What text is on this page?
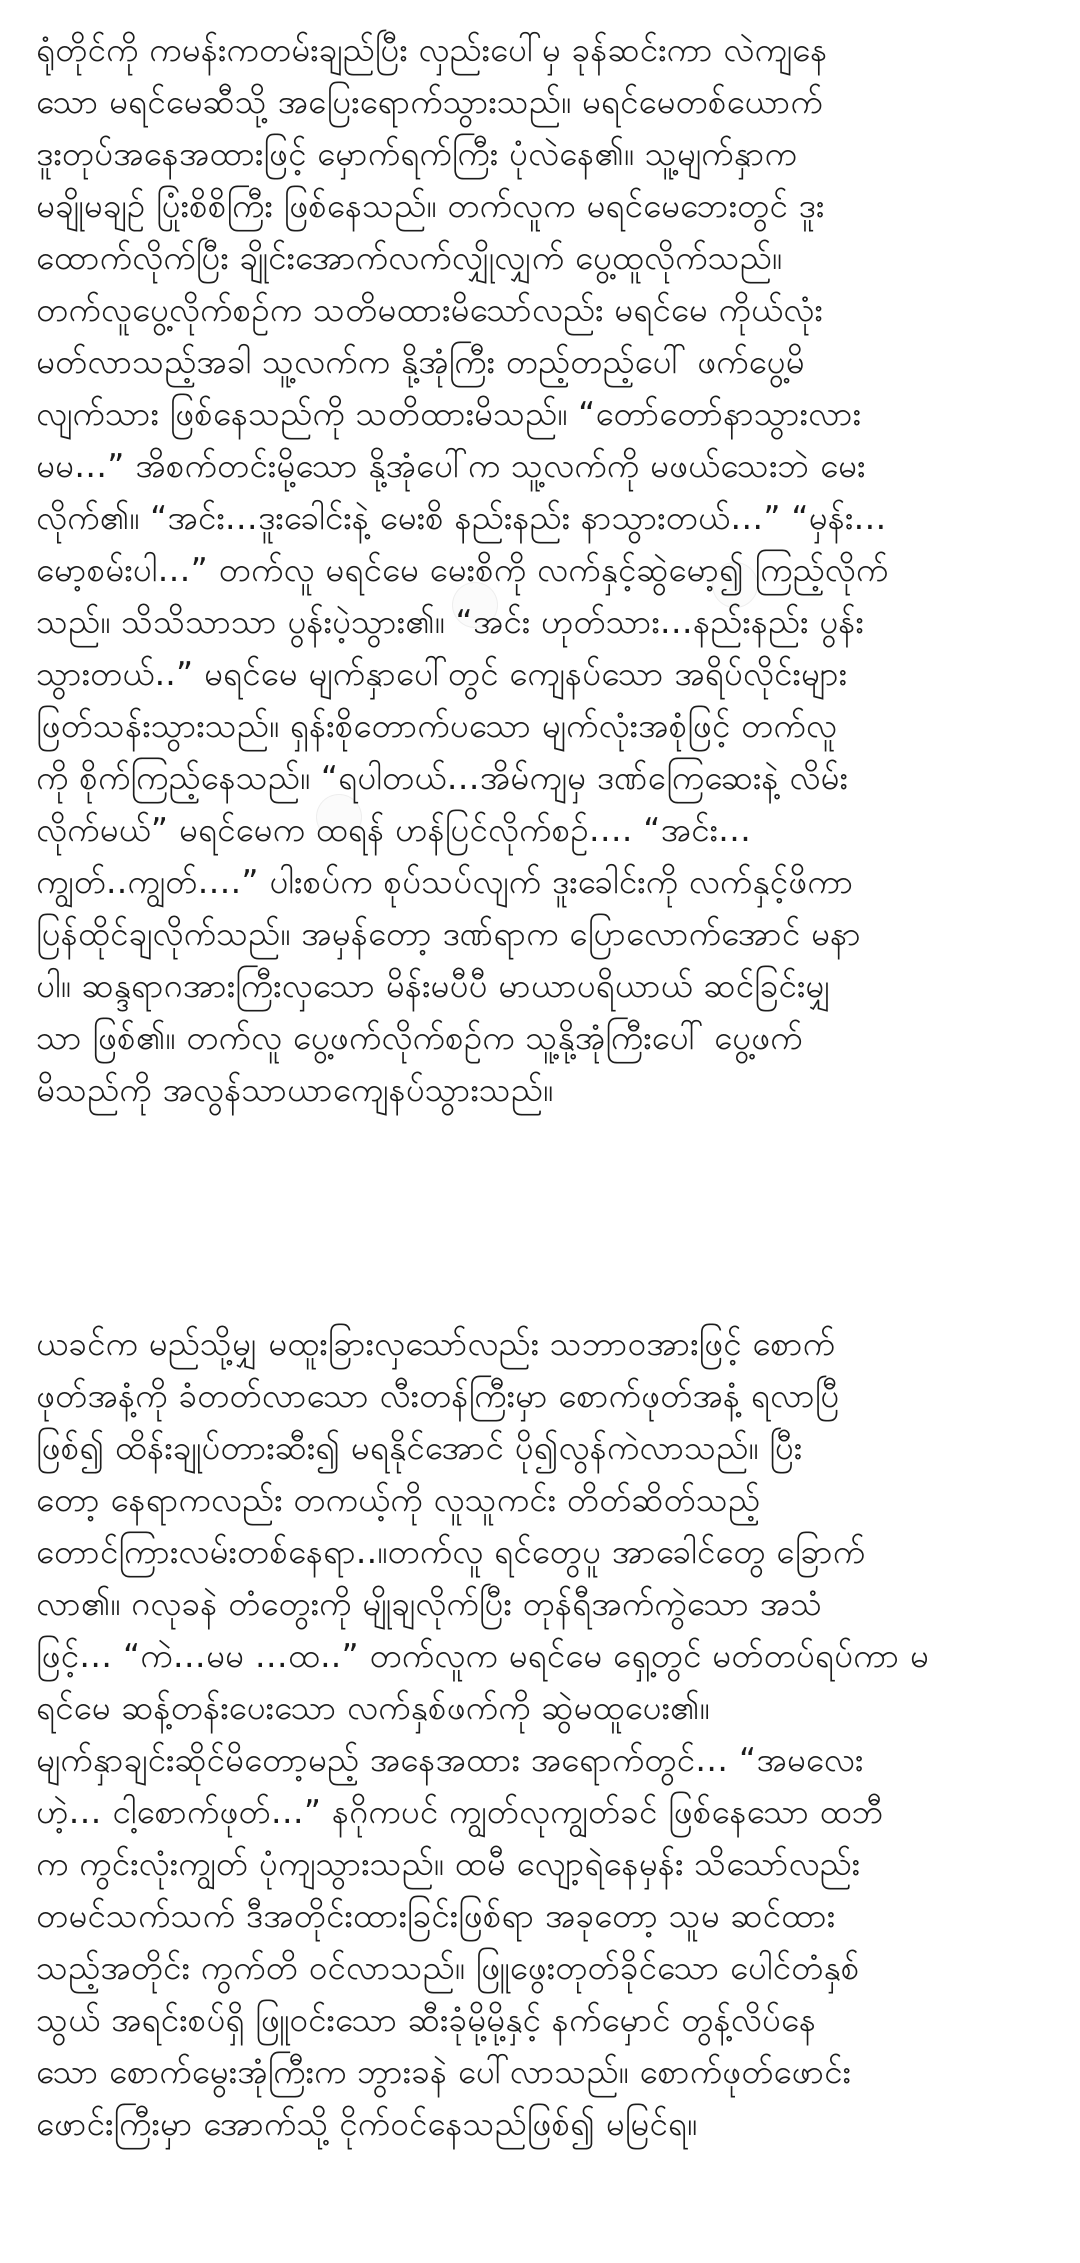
ရုံတိုင်ကို ကမန်းကတမ်းချည်ပြီး လှည်းပေါ်မှ ခုန်ဆင်းကာ လဲကျနေ
သော မရင်မေဆီသို့ အပြေးရောက်သွားသည်။ မရင်မေတစ်ယောက်
ဒူးတုပ်အနေအထားဖြင့် မှောက်ရက်ကြီး ပုံလဲနေ၏။ သူ့မျက်နှာက
မချိုမချဉ် ပြုံးစိစိကြီး ဖြစ်နေသည်။ တက်လူက မရင်မေဘေးတွင် ဒူး
ထောက်လိုက်ပြီး ချိုင်းအောက်လက်လျှိုလျှက် ပွေ့ထူလိုက်သည်။
တက်လူပွေ့လိုက်စဉ်က သတိမထားမိသော်လည်း မရင်မေ ကိုယ်လုံး
မတ်လာသည့်အခါ သူ့လက်က နို့အုံကြီး တည့်တည့်ပေါ် ဖက်ပွေ့မိ
လျက်သား ဖြစ်နေသည်ကို သတိထားမိသည်။ “တော်တော်နာသွားလား
မမ…” အိစက်တင်းမို့သော နို့အုံပေါ်က သူ့လက်ကို မဖယ်သေးဘဲ မေး
လိုက်၏။ “အင်း…ဒူးခေါင်းနဲ့ မေးစိ နည်းနည်း နာသွားတယ်…” “မှန်း…
မော့စမ်းပါ…” တက်လူ မရင်မေ မေးစိကို လက်နှင့်ဆွဲမော့၍ ကြည့်လိုက်
သည်။ သိသိသာသာ ပွန်းပဲ့သွား၏။ “အင်း ဟုတ်သား…နည်းနည်း ပွန်း
သွားတယ်..” မရင်မေ မျက်နှာပေါ်တွင် ကျေနပ်သော အရိပ်လိုင်းများ
ဖြတ်သန်းသွားသည်။ ရှန်းစိုတောက်ပသော မျက်လုံးအစုံဖြင့် တက်လူ
ကို စိုက်ကြည့်နေသည်။ “ရပါတယ်…အိမ်ကျမှ ဒဏ်ကြေဆေးနဲ့ လိမ်း
လိုက်မယ်” မရင်မေက ထရန် ဟန်ပြင်လိုက်စဉ်…. “အင်း…
ကျွတ်..ကျွတ်….” ပါးစပ်က စုပ်သပ်လျက် ဒူးခေါင်းကို လက်နှင့်ဖိကာ
ပြန်ထိုင်ချလိုက်သည်။ အမှန်တော့ ဒဏ်ရာက ပြောလောက်အောင် မနာ
ပါ။ ဆန္ဒရာဂအားကြီးလှသော မိန်းမပီပီ မာယာပရိယာယ် ဆင်ခြင်းမျှ
သာ ဖြစ်၏။ တက်လူ ပွေ့ဖက်လိုက်စဉ်က သူ့နို့အုံကြီးပေါ် ပွေ့ဖက်
မိသည်ကို အလွန်သာယာကျေနပ်သွားသည်။
ယခင်က မည်သို့မျှ မထူးခြားလှသော်လည်း သဘာဝအားဖြင့် စောက်
ဖုတ်အနံ့ကို ခံတတ်လာသော လီးတန်ကြီးမှာ စောက်ဖုတ်အနံ့ ရလာပြီ
ဖြစ်၍ ထိန်းချုပ်တားဆီး၍ မရနိုင်အောင် ပို၍လွန်ကဲလာသည်။ ပြီး
တော့ နေရာကလည်း တကယ့်ကို လူသူကင်း တိတ်ဆိတ်သည့်
တောင်ကြားလမ်းတစ်နေရာ..။တက်လူ ရင်တွေပူ အာခေါင်တွေ ခြောက်
လာ၏။ ဂလုခနဲ တံတွေးကို မျိုချလိုက်ပြီး တုန်ရီအက်ကွဲသော အသံ
ဖြင့်… “ကဲ…မမ …ထ..” တက်လူက မရင်မေ ရှေ့တွင် မတ်တပ်ရပ်ကာ မ
ရင်မေ ဆန့်တန်းပေးသော လက်နှစ်ဖက်ကို ဆွဲမထူပေး၏။
မျက်နှာချင်းဆိုင်မိတော့မည့် အနေအထား အရောက်တွင်… “အမလေး
ဟဲ့… ငါ့စောက်ဖုတ်…” နဂိုကပင် ကျွတ်လုကျွတ်ခင် ဖြစ်နေသော ထဘီ
က ကွင်းလုံးကျွတ် ပုံကျသွားသည်။ ထမီ လျော့ရဲနေမှန်း သိသော်လည်း
တမင်သက်သက် ဒီအတိုင်းထားခြင်းဖြစ်ရာ အခုတော့ သူမ ဆင်ထား
သည့်အတိုင်း ကွက်တိ ဝင်လာသည်။ ဖြူဖွေးတုတ်ခိုင်သော ပေါင်တံနှစ်
သွယ် အရင်းစပ်ရှိ ဖြူဝင်းသော ဆီးခုံမို့မို့နှင့် နက်မှောင် တွန့်လိပ်နေ
သော စောက်မွေးအုံကြီးက ဘွားခနဲ ပေါ်လာသည်။ စောက်ဖုတ်ဖောင်း
ဖောင်းကြီးမှာ အောက်သို့ ငိုက်ဝင်နေသည်ဖြစ်၍ မမြင်ရ။
